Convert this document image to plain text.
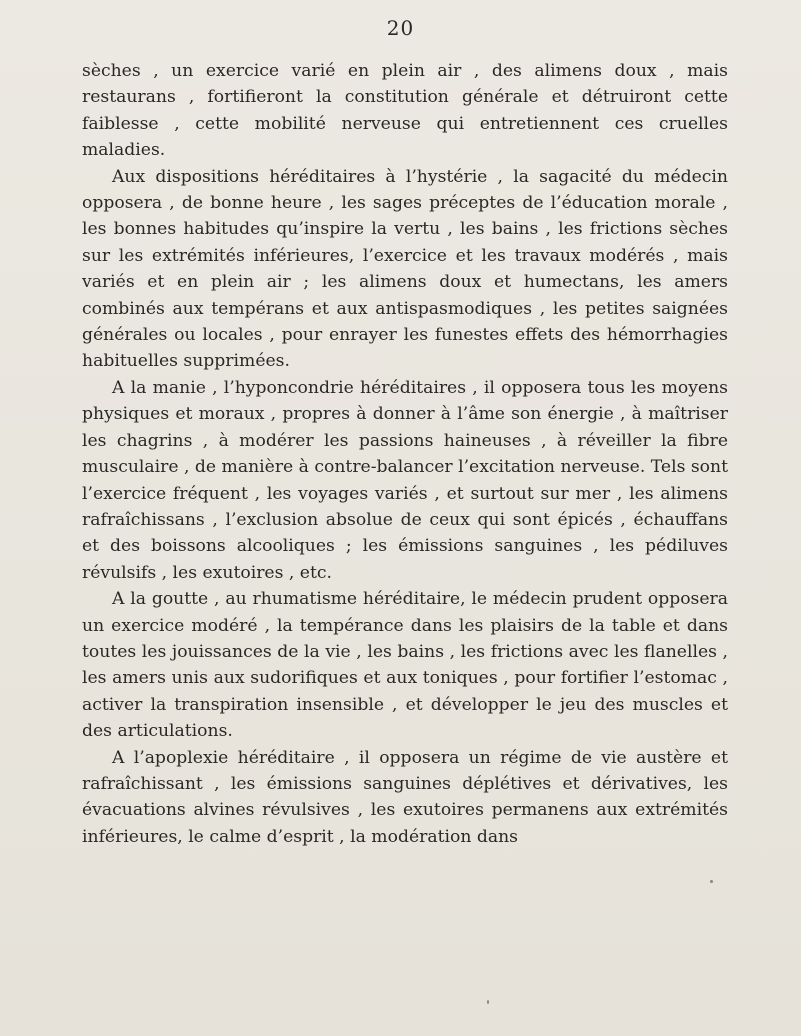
20

sèches , un exercice varié en plein air , des alimens doux , mais restaurans , fortifieront la constitution générale et détruiront cette faiblesse , cette mobilité nerveuse qui entretiennent ces cruelles maladies.

Aux dispositions héréditaires à l’hystérie , la sagacité du médecin opposera , de bonne heure , les sages préceptes de l’éducation morale , les bonnes habitudes qu’inspire la vertu , les bains , les frictions sèches sur les extrémités inférieures, l’exercice et les travaux modérés , mais variés et en plein air ; les alimens doux et humectans, les amers combinés aux tempérans et aux antispasmodiques , les petites saignées générales ou locales , pour enrayer les funestes effets des hémorrhagies habituelles supprimées.

A la manie , l’hyponcondrie héréditaires , il opposera tous les moyens physiques et moraux , propres à donner à l’âme son énergie , à maîtriser les chagrins , à modérer les passions haineuses , à réveiller la fibre musculaire , de manière à contre-balancer l’excitation nerveuse. Tels sont l’exercice fréquent , les voyages variés , et surtout sur mer , les alimens rafraîchissans , l’exclusion absolue de ceux qui sont épicés , échauffans et des boissons alcooliques ; les émissions sanguines , les pédiluves révulsifs , les exutoires , etc.

A la goutte , au rhumatisme héréditaire, le médecin prudent opposera un exercice modéré , la tempérance dans les plaisirs de la table et dans toutes les jouissances de la vie , les bains , les frictions avec les flanelles , les amers unis aux sudorifiques et aux toniques , pour fortifier l’estomac , activer la transpiration insensible , et développer le jeu des muscles et des articulations.

A l’apoplexie héréditaire , il opposera un régime de vie austère et rafraîchissant , les émissions sanguines déplétives et dérivatives, les évacuations alvines révulsives , les exutoires permanens aux extrémités inférieures, le calme d’esprit , la modération dans
